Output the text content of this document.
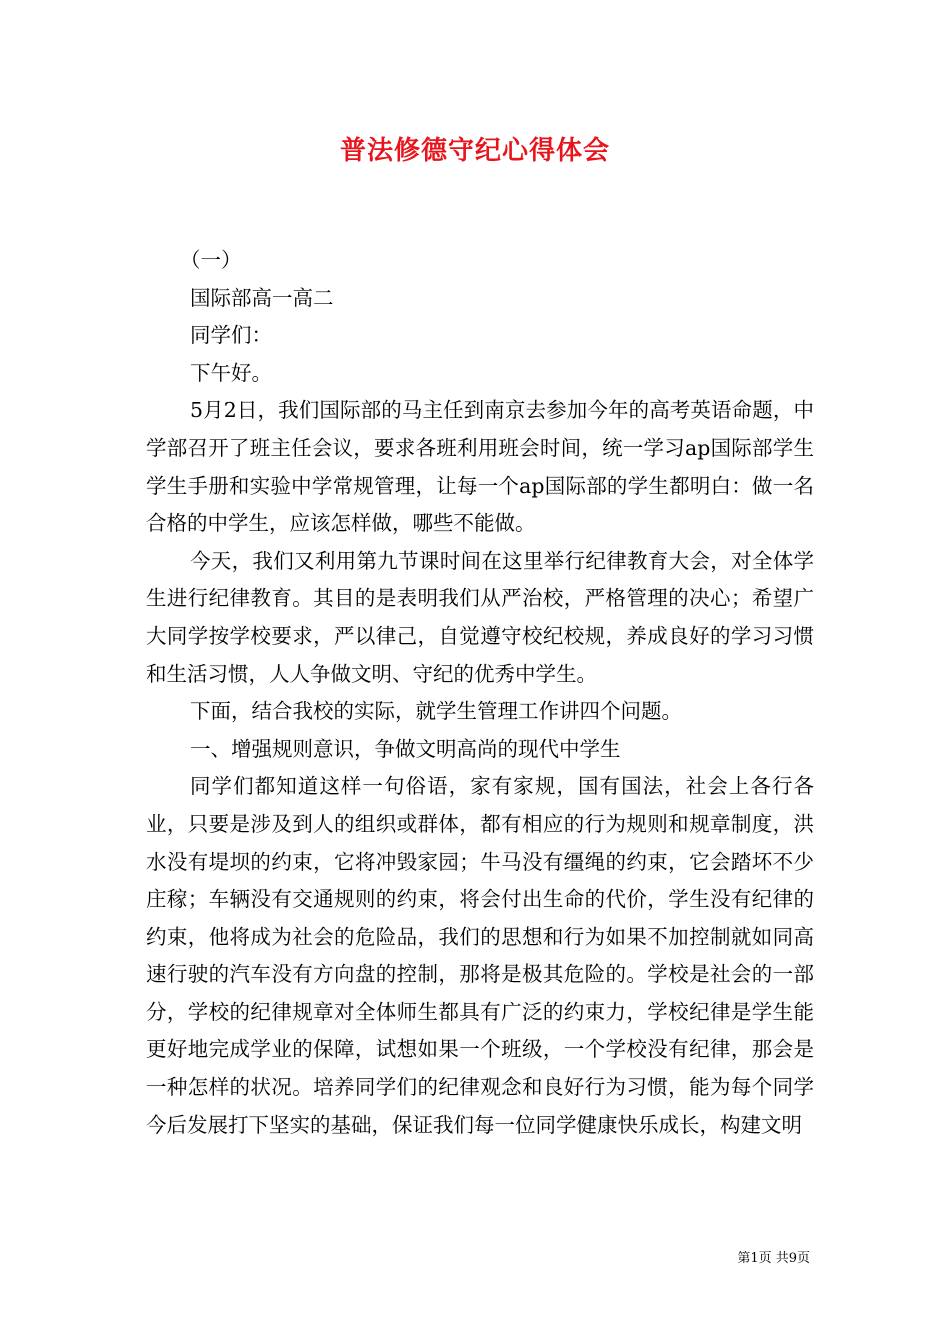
普法修德守纪心得体会

（一）

国际部高一高二

同学们：

下午好。

5月2日，我们国际部的马主任到南京去参加今年的高考英语命题，中学部召开了班主任会议，要求各班利用班会时间，统一学习ap国际部学生学生手册和实验中学常规管理，让每一个ap国际部的学生都明白：做一名合格的中学生，应该怎样做，哪些不能做。

今天，我们又利用第九节课时间在这里举行纪律教育大会，对全体学生进行纪律教育。其目的是表明我们从严治校，严格管理的决心；希望广大同学按学校要求，严以律己，自觉遵守校纪校规，养成良好的学习习惯和生活习惯，人人争做文明、守纪的优秀中学生。

下面，结合我校的实际，就学生管理工作讲四个问题。

一、增强规则意识，争做文明高尚的现代中学生

同学们都知道这样一句俗语，家有家规，国有国法，社会上各行各业，只要是涉及到人的组织或群体，都有相应的行为规则和规章制度，洪水没有堤坝的约束，它将冲毁家园；牛马没有缰绳的约束，它会踏坏不少庄稼；车辆没有交通规则的约束，将会付出生命的代价，学生没有纪律的约束，他将成为社会的危险品，我们的思想和行为如果不加控制就如同高速行驶的汽车没有方向盘的控制，那将是极其危险的。学校是社会的一部分，学校的纪律规章对全体师生都具有广泛的约束力，学校纪律是学生能更好地完成学业的保障，试想如果一个班级，一个学校没有纪律，那会是一种怎样的状况。培养同学们的纪律观念和良好行为习惯，能为每个同学今后发展打下坚实的基础，保证我们每一位同学健康快乐成长，构建文明

第1页 共9页
